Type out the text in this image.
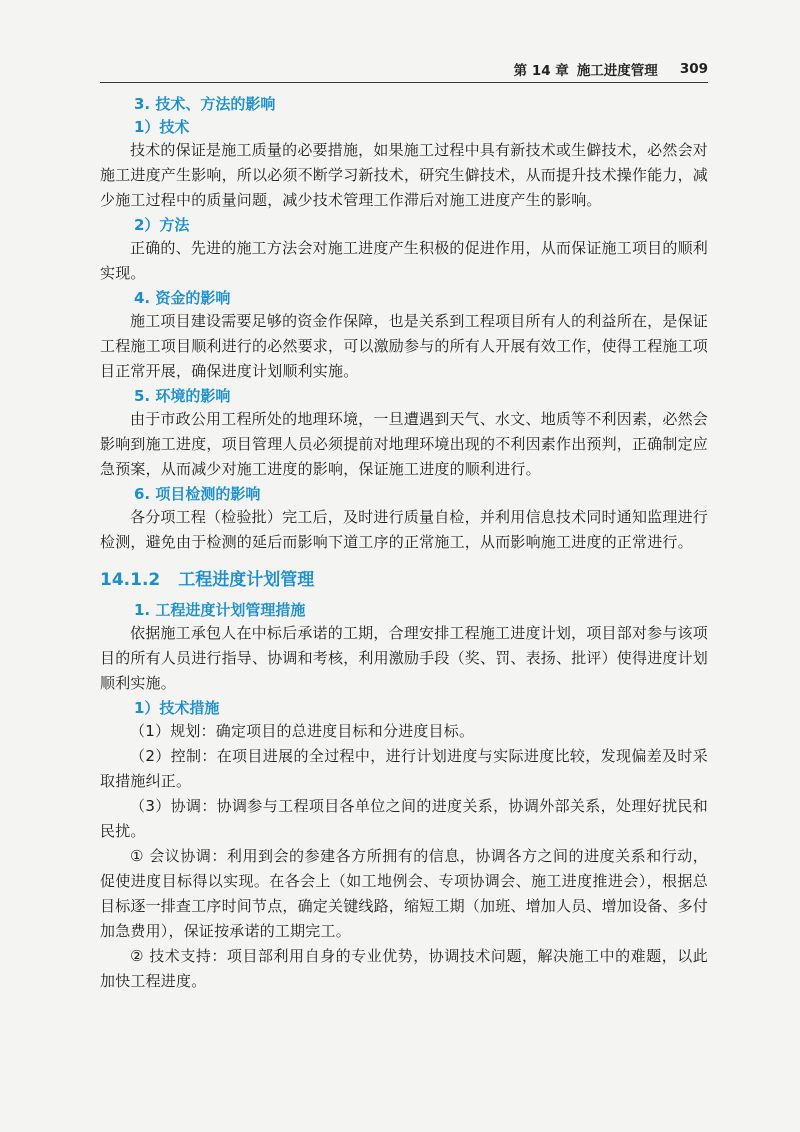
第 14 章 施工进度管理 309
3. 技术、方法的影响
1）技术

技术的保证是施工质量的必要措施，如果施工过程中具有新技术或生僻技术，必然会对施工进度产生影响，所以必须不断学习新技术，研究生僻技术，从而提升技术操作能力，减少施工过程中的质量问题，减少技术管理工作滞后对施工进度产生的影响。

2）方法

正确的、先进的施工方法会对施工进度产生积极的促进作用，从而保证施工项目的顺利实现。

4. 资金的影响

施工项目建设需要足够的资金作保障，也是关系到工程项目所有人的利益所在，是保证工程施工项目顺利进行的必然要求，可以激励参与的所有人开展有效工作，使得工程施工项目正常开展，确保进度计划顺利实施。

5. 环境的影响

由于市政公用工程所处的地理环境，一旦遭遇到天气、水文、地质等不利因素，必然会影响到施工进度，项目管理人员必须提前对地理环境出现的不利因素作出预判，正确制定应急预案，从而减少对施工进度的影响，保证施工进度的顺利进行。

6. 项目检测的影响

各分项工程（检验批）完工后，及时进行质量自检，并利用信息技术同时通知监理进行检测，避免由于检测的延后而影响下道工序的正常施工，从而影响施工进度的正常进行。

14.1.2 工程进度计划管理
1. 工程进度计划管理措施

依据施工承包人在中标后承诺的工期，合理安排工程施工进度计划，项目部对参与该项目的所有人员进行指导、协调和考核，利用激励手段（奖、罚、表扬、批评）使得进度计划顺利实施。

1）技术措施

（1）规划：确定项目的总进度目标和分进度目标。

（2）控制：在项目进展的全过程中，进行计划进度与实际进度比较，发现偏差及时采取措施纠正。

（3）协调：协调参与工程项目各单位之间的进度关系，协调外部关系，处理好扰民和民扰。

① 会议协调：利用到会的参建各方所拥有的信息，协调各方之间的进度关系和行动，促使进度目标得以实现。在各会上（如工地例会、专项协调会、施工进度推进会），根据总目标逐一排查工序时间节点，确定关键线路，缩短工期（加班、增加人员、增加设备、多付加急费用），保证按承诺的工期完工。

② 技术支持：项目部利用自身的专业优势，协调技术问题，解决施工中的难题，以此加快工程进度。
